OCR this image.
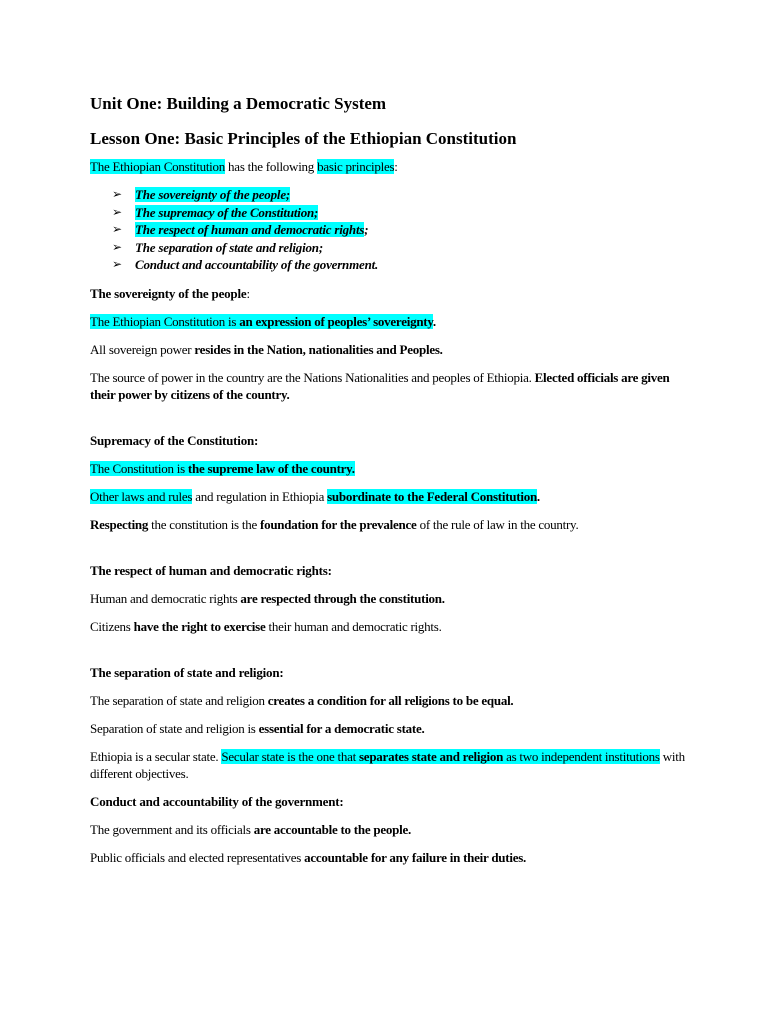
Unit One: Building a Democratic System
Lesson One: Basic Principles of the Ethiopian Constitution
The Ethiopian Constitution has the following basic principles:
➢ The sovereignty of the people;
➢ The supremacy of the Constitution;
➢ The respect of human and democratic rights;
➢ The separation of state and religion;
➢ Conduct and accountability of the government.
The sovereignty of the people:
The Ethiopian Constitution is an expression of peoples’ sovereignty.
All sovereign power resides in the Nation, nationalities and Peoples.
The source of power in the country are the Nations Nationalities and peoples of Ethiopia. Elected officials are given their power by citizens of the country.
Supremacy of the Constitution:
The Constitution is the supreme law of the country.
Other laws and rules and regulation in Ethiopia subordinate to the Federal Constitution.
Respecting the constitution is the foundation for the prevalence of the rule of law in the country.
The respect of human and democratic rights:
Human and democratic rights are respected through the constitution.
Citizens have the right to exercise their human and democratic rights.
The separation of state and religion:
The separation of state and religion creates a condition for all religions to be equal.
Separation of state and religion is essential for a democratic state.
Ethiopia is a secular state. Secular state is the one that separates state and religion as two independent institutions with different objectives.
Conduct and accountability of the government:
The government and its officials are accountable to the people.
Public officials and elected representatives accountable for any failure in their duties.
